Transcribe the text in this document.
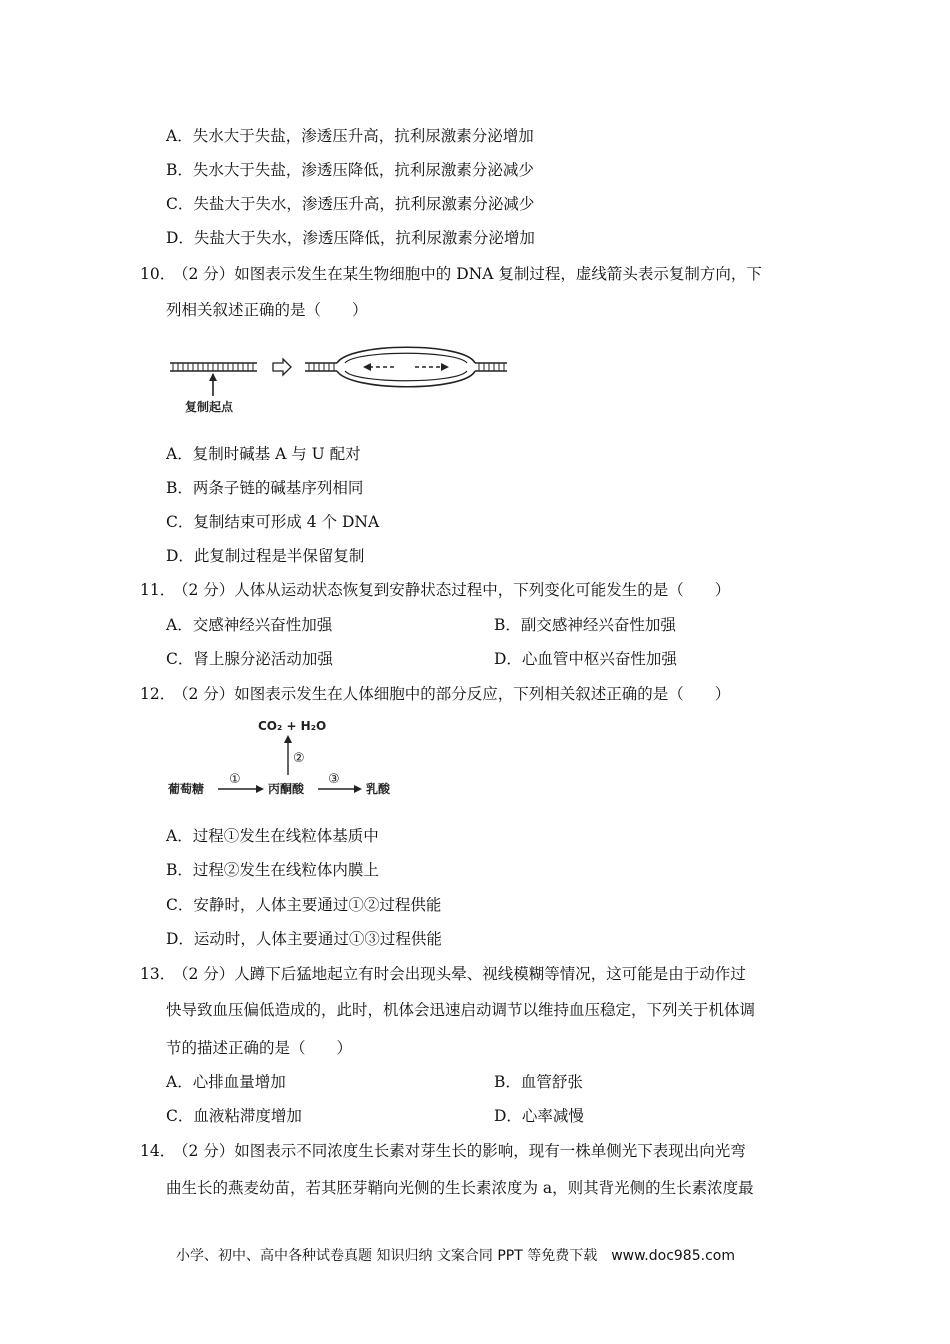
A．失水大于失盐，渗透压升高，抗利尿激素分泌增加
B．失水大于失盐，渗透压降低，抗利尿激素分泌减少
C．失盐大于失水，渗透压升高，抗利尿激素分泌减少
D．失盐大于失水，渗透压降低，抗利尿激素分泌增加
10．
（2 分）如图表示发生在某生物细胞中的 DNA 复制过程，虚线箭头表示复制方向，下
列相关叙述正确的是（　　）
复制起点
A．复制时碱基 A 与 U 配对
B．两条子链的碱基序列相同
C．复制结束可形成 4 个 DNA
D．此复制过程是半保留复制
11．
（2 分）人体从运动状态恢复到安静状态过程中，下列变化可能发生的是（　　）
A．交感神经兴奋性加强	B．副交感神经兴奋性加强
C．肾上腺分泌活动加强	D．心血管中枢兴奋性加强
12．
（2 分）如图表示发生在人体细胞中的部分反应，下列相关叙述正确的是（　　）
CO₂ + H₂O
②
葡萄糖
①
丙酮酸
③
乳酸
A．过程①发生在线粒体基质中
B．过程②发生在线粒体内膜上
C．安静时，人体主要通过①②过程供能
D．运动时，人体主要通过①③过程供能
13．
（2 分）人蹲下后猛地起立有时会出现头晕、视线模糊等情况，这可能是由于动作过
快导致血压偏低造成的，此时，机体会迅速启动调节以维持血压稳定，下列关于机体调
节的描述正确的是（　　）
A．心排血量增加	B．血管舒张
C．血液粘滞度增加	D．心率减慢
14．
（2 分）如图表示不同浓度生长素对芽生长的影响，现有一株单侧光下表现出向光弯
曲生长的燕麦幼苗，若其胚芽鞘向光侧的生长素浓度为 a，则其背光侧的生长素浓度最
小学、初中、高中各种试卷真题 知识归纳 文案合同 PPT 等免费下载　www.doc985.com
